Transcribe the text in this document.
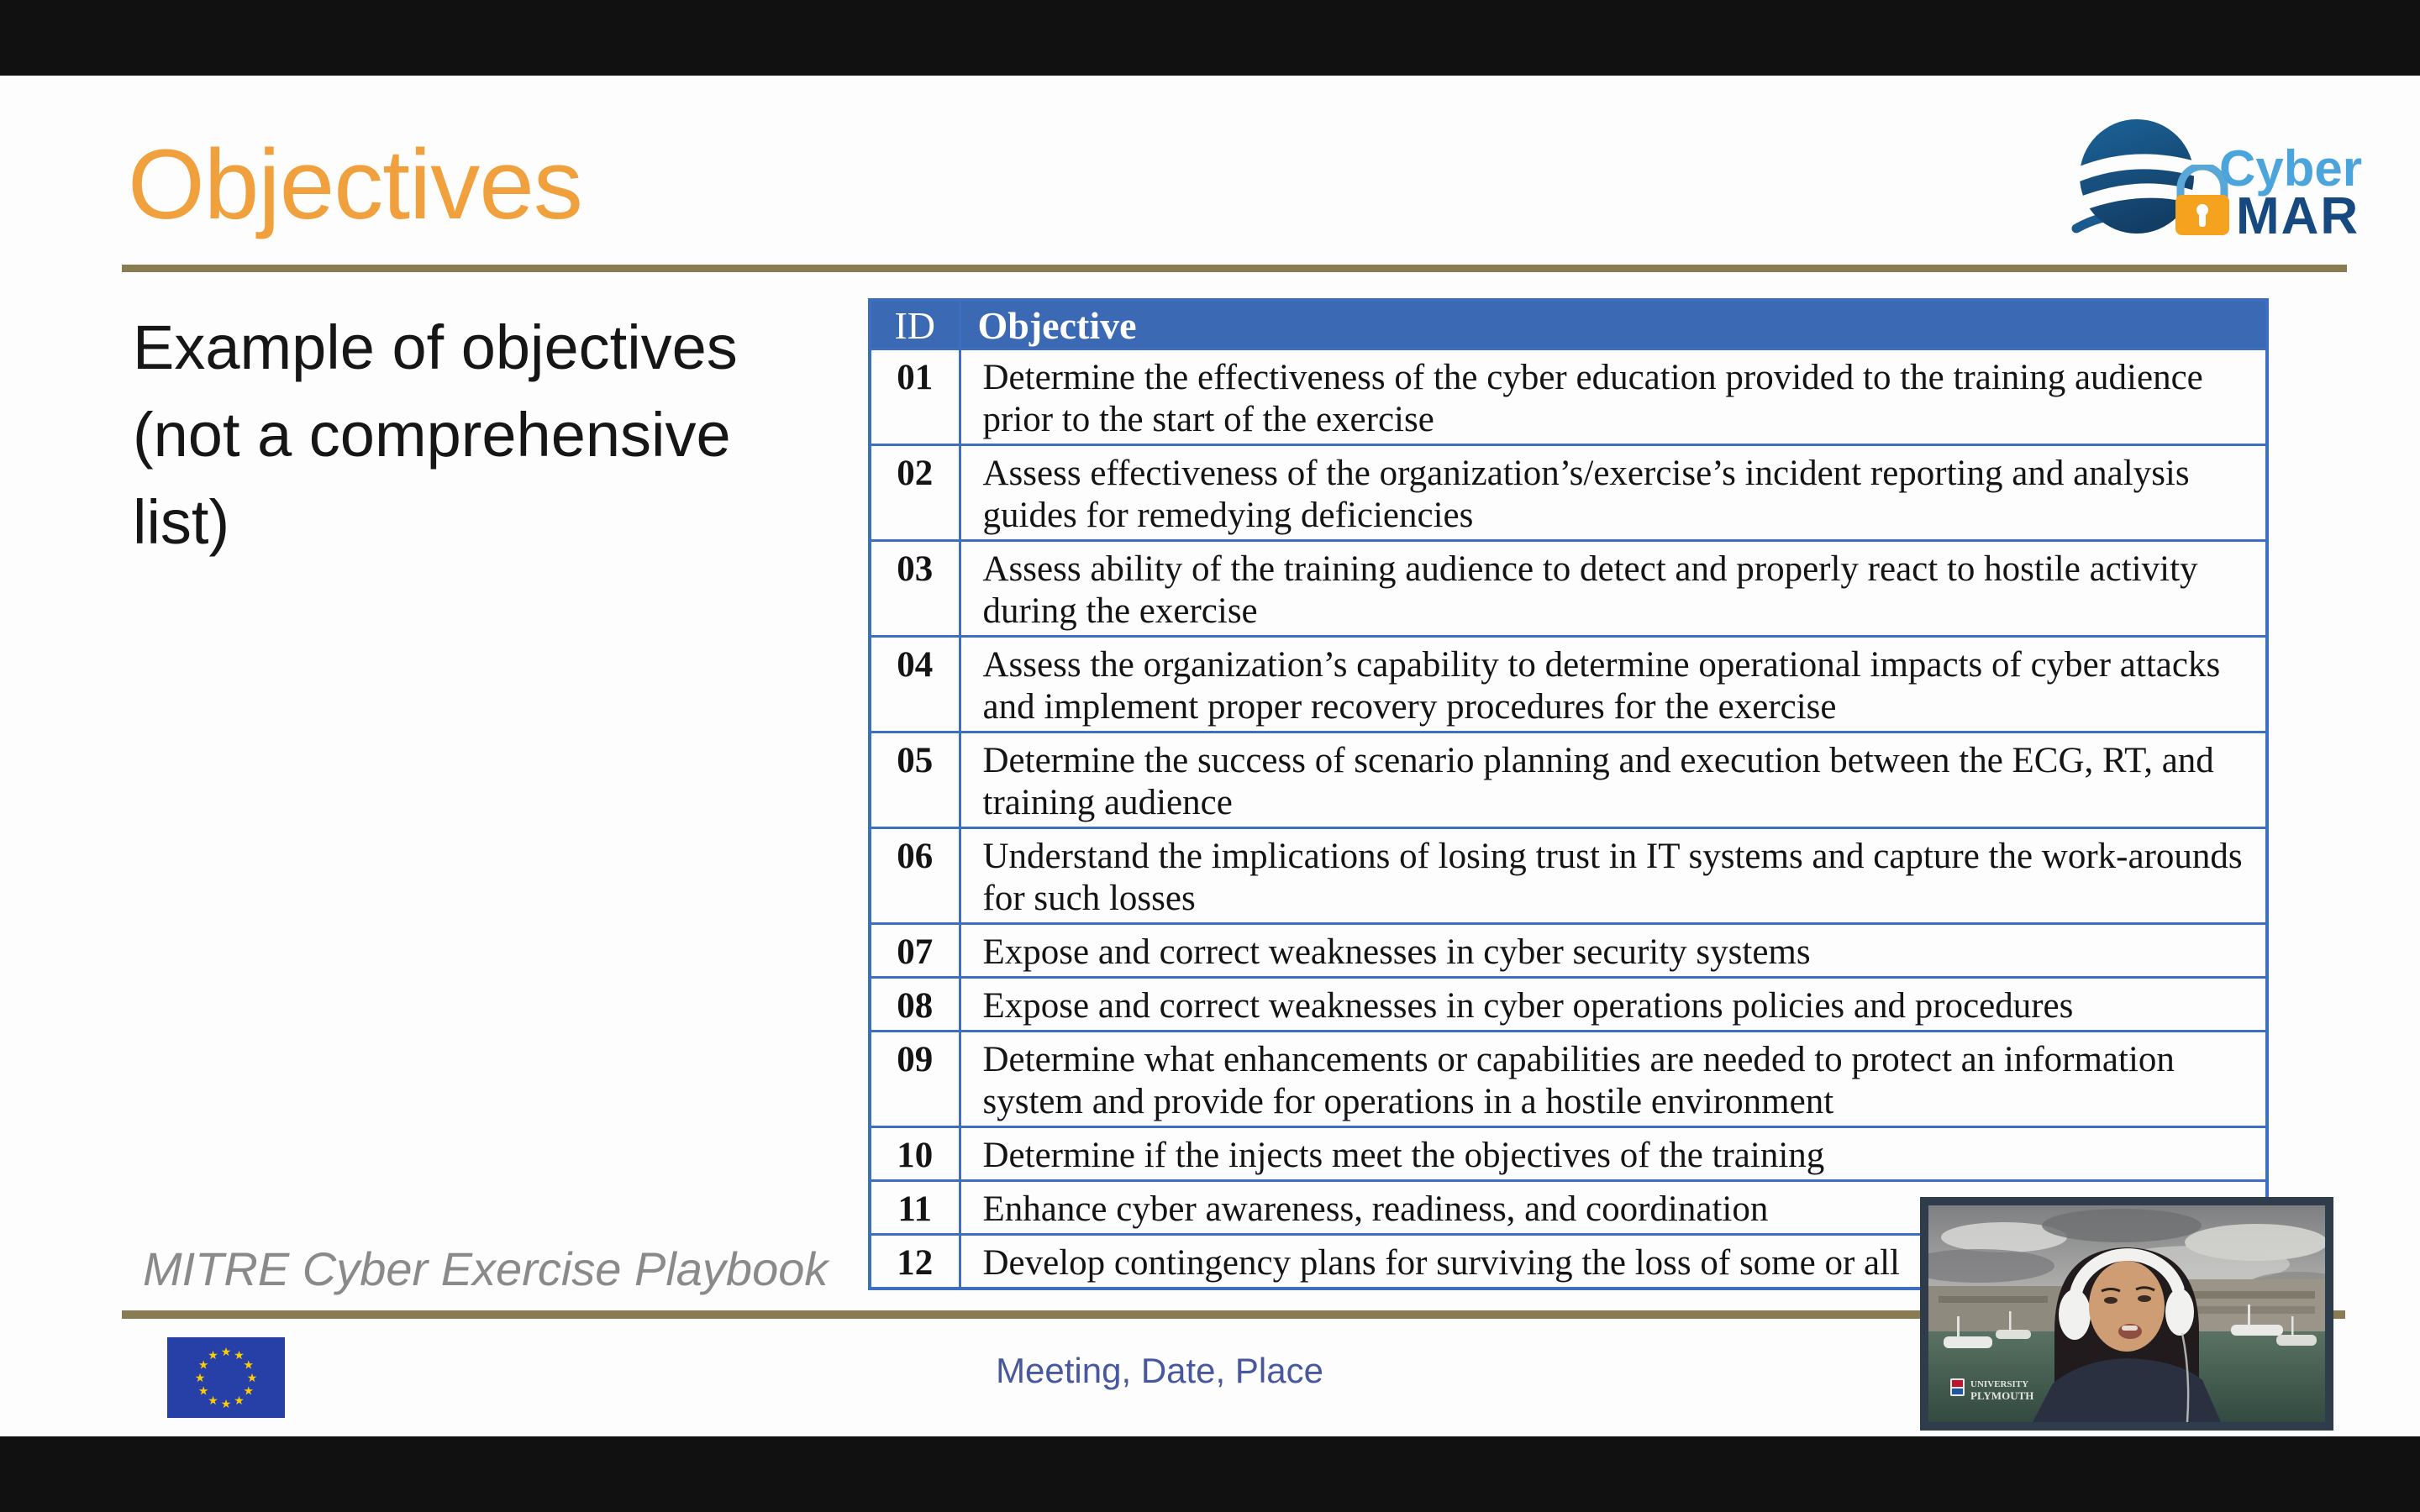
Objectives	Cyber
MAR
Example of objectives
(not a comprehensive
list)
ID	Objective
01	Determine the effectiveness of the cyber education provided to the training audience prior to the start of the exercise
02	Assess effectiveness of the organization’s/exercise’s incident reporting and analysis guides for remedying deficiencies
03	Assess ability of the training audience to detect and properly react to hostile activity during the exercise
04	Assess the organization’s capability to determine operational impacts of cyber attacks and implement proper recovery procedures for the exercise
05	Determine the success of scenario planning and execution between the ECG, RT, and training audience
06	Understand the implications of losing trust in IT systems and capture the work-arounds for such losses
07	Expose and correct weaknesses in cyber security systems
08	Expose and correct weaknesses in cyber operations policies and procedures
09	Determine what enhancements or capabilities are needed to protect an information system and provide for operations in a hostile environment
10	Determine if the injects meet the objectives of the training
11	Enhance cyber awareness, readiness, and coordination
12	Develop contingency plans for surviving the loss of some or all
MITRE Cyber Exercise Playbook
★ ★
★
★
★
★
★
★
★
★
★
★	Meeting, Date, Place	UNIVERSITY
PLYMOUTH
